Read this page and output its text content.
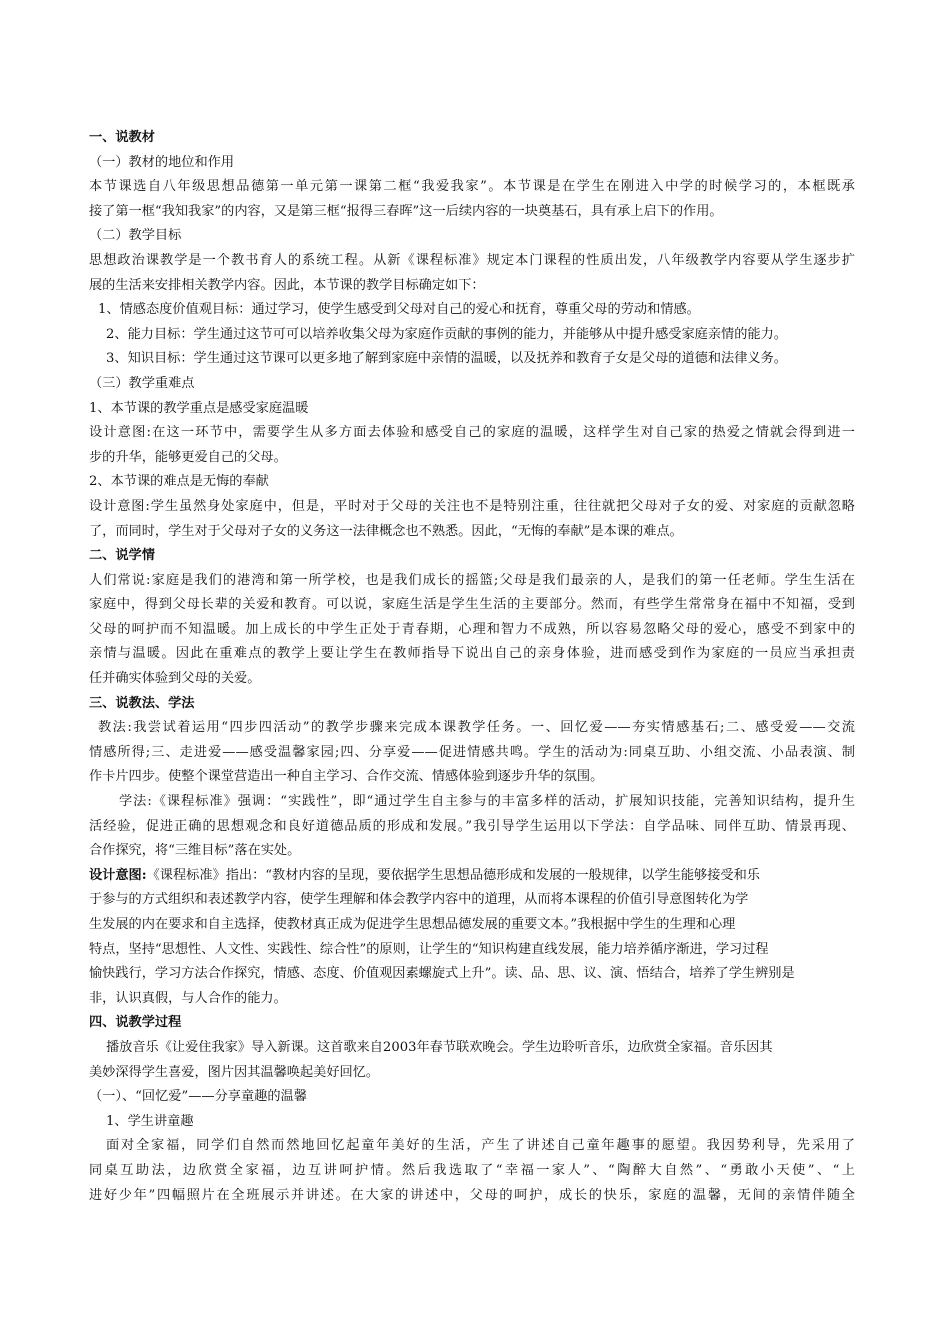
一、说教材
（一）教材的地位和作用
本节课选自八年级思想品德第一单元第一课第二框“我爱我家”。本节课是在学生在刚进入中学的时候学习的，本框既承
接了第一框“我知我家”的内容，又是第三框“报得三春晖”这一后续内容的一块奠基石，具有承上启下的作用。
（二）教学目标
思想政治课教学是一个教书育人的系统工程。从新《课程标准》规定本门课程的性质出发，八年级教学内容要从学生逐步扩
展的生活来安排相关教学内容。因此，本节课的教学目标确定如下：
1、情感态度价值观目标：通过学习，使学生感受到父母对自己的爱心和抚育，尊重父母的劳动和情感。
2、能力目标：学生通过这节可可以培养收集父母为家庭作贡献的事例的能力，并能够从中提升感受家庭亲情的能力。
3、知识目标：学生通过这节课可以更多地了解到家庭中亲情的温暖，以及抚养和教育子女是父母的道德和法律义务。
（三）教学重难点
1、本节课的教学重点是感受家庭温暖
设计意图:在这一环节中，需要学生从多方面去体验和感受自己的家庭的温暖，这样学生对自己家的热爱之情就会得到进一
步的升华，能够更爱自己的父母。
2、本节课的难点是无悔的奉献
设计意图:学生虽然身处家庭中，但是，平时对于父母的关注也不是特别注重，往往就把父母对子女的爱、对家庭的贡献忽略
了，而同时，学生对于父母对子女的义务这一法律概念也不熟悉。因此，“无悔的奉献”是本课的难点。
二、说学情
人们常说:家庭是我们的港湾和第一所学校，也是我们成长的摇篮;父母是我们最亲的人，是我们的第一任老师。学生生活在
家庭中，得到父母长辈的关爱和教育。可以说，家庭生活是学生生活的主要部分。然而，有些学生常常身在福中不知福，受到
父母的呵护而不知温暖。加上成长的中学生正处于青春期，心理和智力不成熟，所以容易忽略父母的爱心，感受不到家中的
亲情与温暖。因此在重难点的教学上要让学生在教师指导下说出自己的亲身体验，进而感受到作为家庭的一员应当承担责
任并确实体验到父母的关爱。
三、说教法、学法
教法:我尝试着运用“四步四活动”的教学步骤来完成本课教学任务。一、回忆爱——夯实情感基石;二、感受爱——交流
情感所得;三、走进爱——感受温馨家园;四、分享爱——促进情感共鸣。学生的活动为:同桌互助、小组交流、小品表演、制
作卡片四步。使整个课堂营造出一种自主学习、合作交流、情感体验到逐步升华的氛围。
学法:《课程标准》强调：“实践性”，即“通过学生自主参与的丰富多样的活动，扩展知识技能，完善知识结构，提升生
活经验，促进正确的思想观念和良好道德品质的形成和发展。”我引导学生运用以下学法：自学品味、同伴互助、情景再现、
合作探究，将“三维目标”落在实处。
设计意图:《课程标准》指出：“教材内容的呈现，要依据学生思想品德形成和发展的一般规律，以学生能够接受和乐
于参与的方式组织和表述教学内容，使学生理解和体会教学内容中的道理，从而将本课程的价值引导意图转化为学
生发展的内在要求和自主选择，使教材真正成为促进学生思想品德发展的重要文本。”我根据中学生的生理和心理
特点，坚持“思想性、人文性、实践性、综合性”的原则，让学生的“知识构建直线发展，能力培养循序渐进，学习过程
愉快践行，学习方法合作探究，情感、态度、价值观因素螺旋式上升”。读、品、思、议、演、悟结合，培养了学生辨别是
非，认识真假，与人合作的能力。
四、说教学过程
播放音乐《让爱住我家》导入新课。这首歌来自2003年春节联欢晚会。学生边聆听音乐，边欣赏全家福。音乐因其
美妙深得学生喜爱，图片因其温馨唤起美好回忆。
（一）、“回忆爱”——分享童趣的温馨
1、学生讲童趣
面对全家福，同学们自然而然地回忆起童年美好的生活，产生了讲述自己童年趣事的愿望。我因势利导，先采用了
同桌互助法，边欣赏全家福，边互讲呵护情。然后我选取了“幸福一家人”、“陶醉大自然”、“勇敢小天使”、“上
进好少年”四幅照片在全班展示并讲述。在大家的讲述中，父母的呵护，成长的快乐，家庭的温馨，无间的亲情伴随全
